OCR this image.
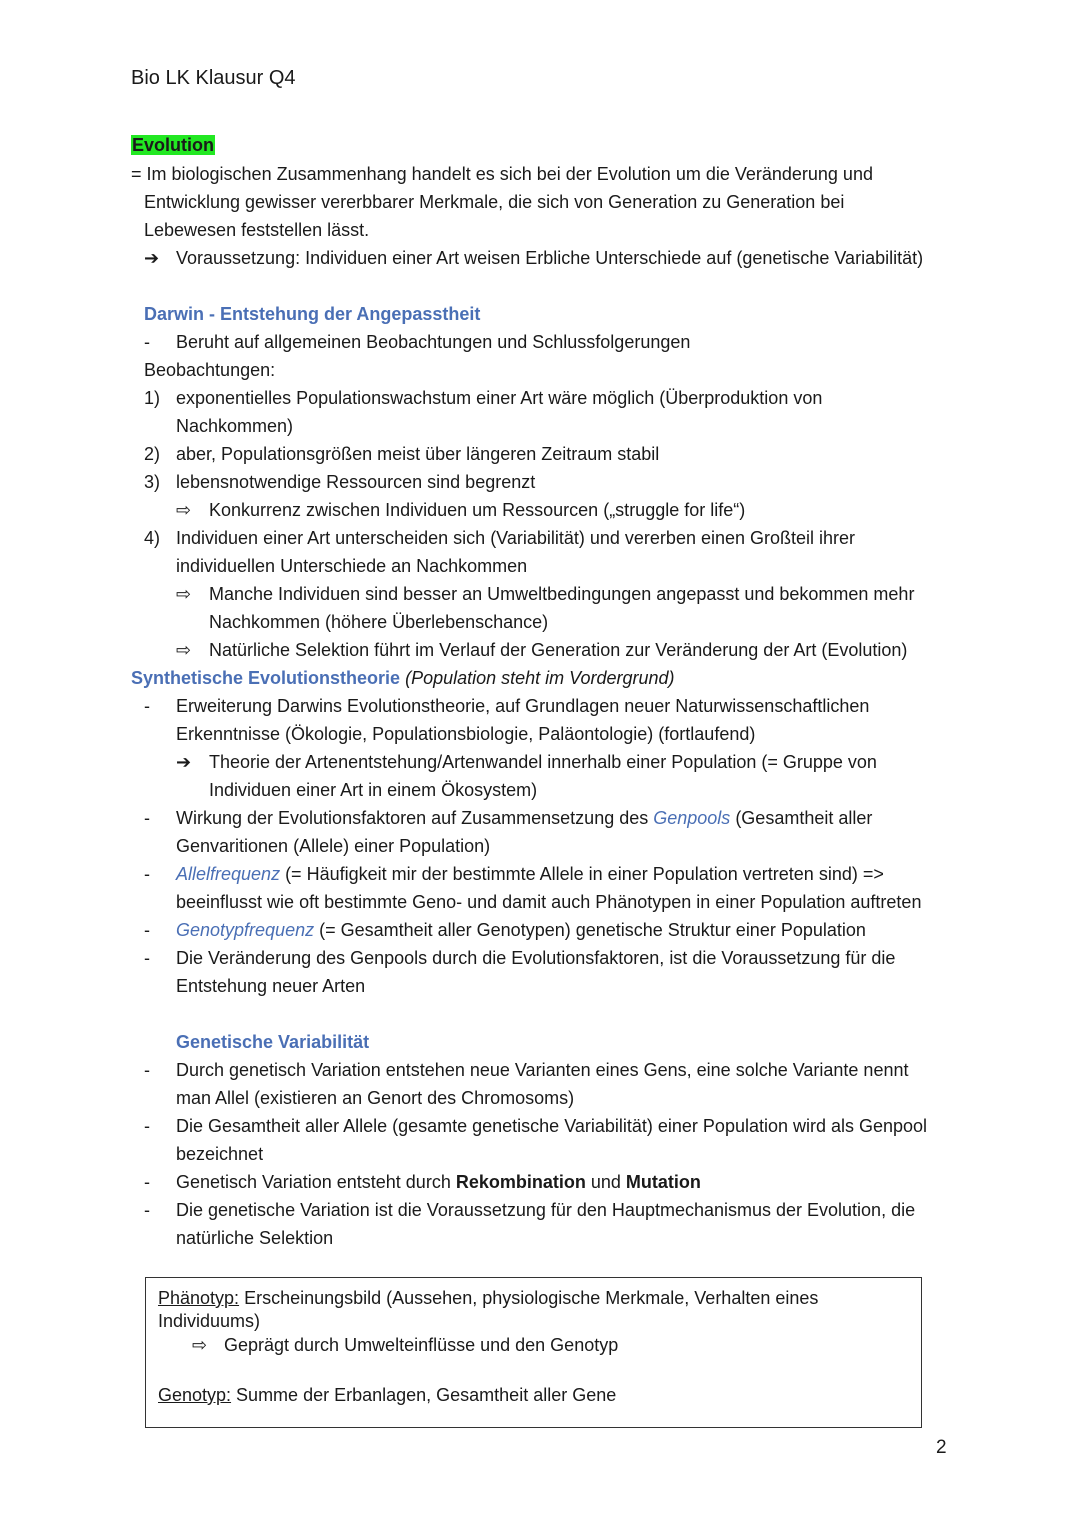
Bio LK Klausur Q4
Evolution
= Im biologischen Zusammenhang handelt es sich bei der Evolution um die Veränderung und
Entwicklung gewisser vererbbarer Merkmale, die sich von Generation zu Generation bei
Lebewesen feststellen lässt.
➔ Voraussetzung: Individuen einer Art weisen Erbliche Unterschiede auf (genetische Variabilität)
Darwin - Entstehung der Angepasstheit
- Beruht auf allgemeinen Beobachtungen und Schlussfolgerungen
Beobachtungen:
1) exponentielles Populationswachstum einer Art wäre möglich (Überproduktion von
Nachkommen)
2) aber, Populationsgrößen meist über längeren Zeitraum stabil
3) lebensnotwendige Ressourcen sind begrenzt
⇨ Konkurrenz zwischen Individuen um Ressourcen („struggle for life“)
4) Individuen einer Art unterscheiden sich (Variabilität) und vererben einen Großteil ihrer
individuellen Unterschiede an Nachkommen
⇨ Manche Individuen sind besser an Umweltbedingungen angepasst und bekommen mehr
Nachkommen (höhere Überlebenschance)
⇨ Natürliche Selektion führt im Verlauf der Generation zur Veränderung der Art (Evolution)
Synthetische Evolutionstheorie (Population steht im Vordergrund)
- Erweiterung Darwins Evolutionstheorie, auf Grundlagen neuer Naturwissenschaftlichen
Erkenntnisse (Ökologie, Populationsbiologie, Paläontologie) (fortlaufend)
➔ Theorie der Artenentstehung/Artenwandel innerhalb einer Population (= Gruppe von
Individuen einer Art in einem Ökosystem)
- Wirkung der Evolutionsfaktoren auf Zusammensetzung des Genpools (Gesamtheit aller
Genvaritionen (Allele) einer Population)
- Allelfrequenz (= Häufigkeit mir der bestimmte Allele in einer Population vertreten sind) =>
beeinflusst wie oft bestimmte Geno- und damit auch Phänotypen in einer Population auftreten
- Genotypfrequenz (= Gesamtheit aller Genotypen) genetische Struktur einer Population
- Die Veränderung des Genpools durch die Evolutionsfaktoren, ist die Voraussetzung für die
Entstehung neuer Arten
Genetische Variabilität
- Durch genetisch Variation entstehen neue Varianten eines Gens, eine solche Variante nennt
man Allel (existieren an Genort des Chromosoms)
- Die Gesamtheit aller Allele (gesamte genetische Variabilität) einer Population wird als Genpool
bezeichnet
- Genetisch Variation entsteht durch Rekombination und Mutation
- Die genetische Variation ist die Voraussetzung für den Hauptmechanismus der Evolution, die
natürliche Selektion
Phänotyp: Erscheinungsbild (Aussehen, physiologische Merkmale, Verhalten eines
Individuums)
⇨ Geprägt durch Umwelteinflüsse und den Genotyp
Genotyp: Summe der Erbanlagen, Gesamtheit aller Gene
2
